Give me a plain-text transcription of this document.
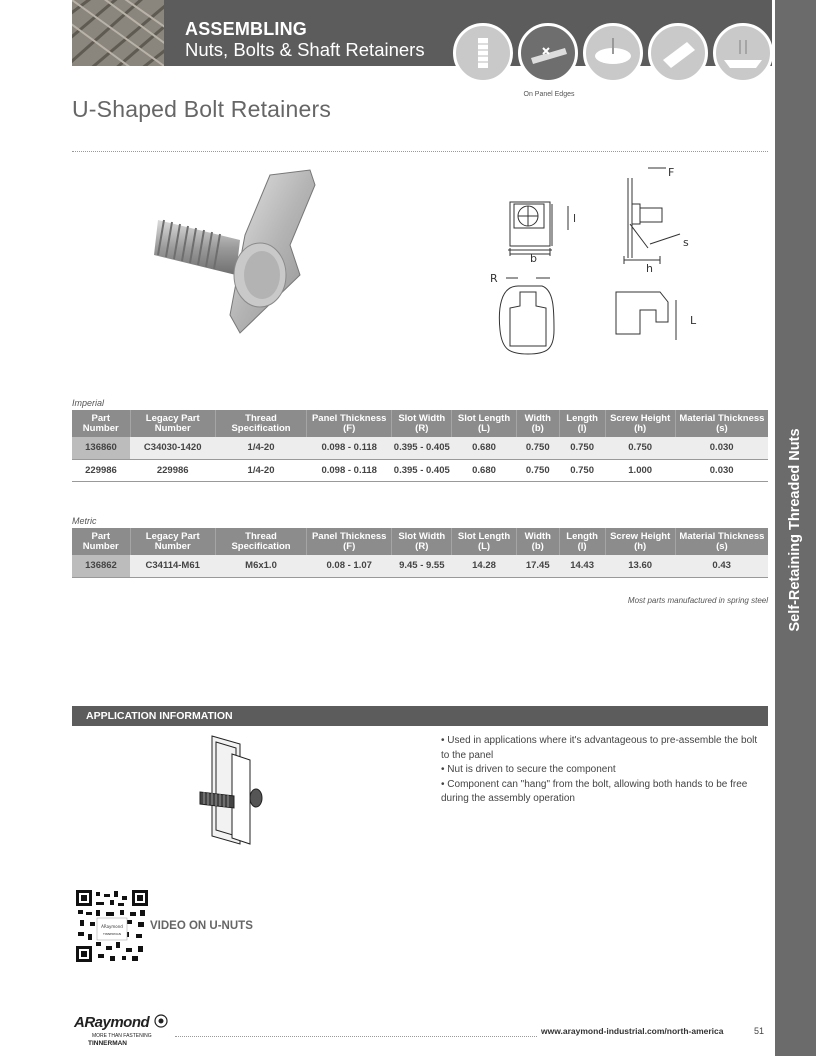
ASSEMBLING
Nuts, Bolts & Shaft Retainers
On Panel Edges
Self-Retaining Threaded Nuts
U-Shaped Bolt Retainers
F
l
b
s
h
R
L
Imperial
Part Number	Legacy Part Number	Thread Specification	Panel Thickness (F)	Slot Width (R)	Slot Length (L)	Width (b)	Length (l)	Screw Height (h)	Material Thickness (s)
136860	C34030-1420	1/4-20	0.098 - 0.118	0.395 - 0.405	0.680	0.750	0.750	0.750	0.030
229986	229986	1/4-20	0.098 - 0.118	0.395 - 0.405	0.680	0.750	0.750	1.000	0.030
Metric
Part Number	Legacy Part Number	Thread Specification	Panel Thickness (F)	Slot Width (R)	Slot Length (L)	Width (b)	Length (l)	Screw Height (h)	Material Thickness (s)
136862	C34114-M61	M6x1.0	0.08 - 1.07	9.45 - 9.55	14.28	17.45	14.43	13.60	0.43
Most parts manufactured in spring steel
APPLICATION INFORMATION
• Used in applications where it's advantageous to pre-assemble the bolt to the panel
• Nut is driven to secure the component
• Component can "hang" from the bolt, allowing both hands to be free during the assembly operation
ARaymond
TINNERMAN
VIDEO ON U-NUTS
ARaymond
MORE THAN FASTENING
TINNERMAN
www.araymond-industrial.com/north-america	51
